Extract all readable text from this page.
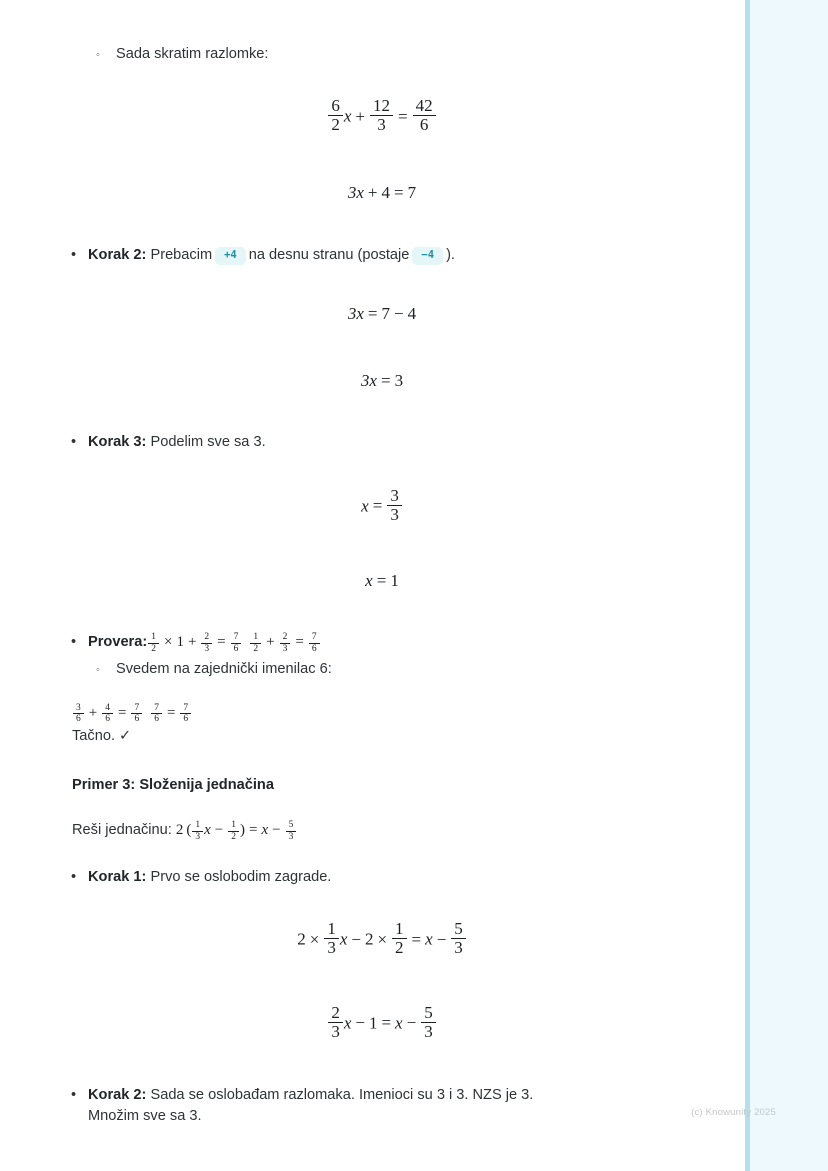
◦ Sada skratim razlomke:
$\frac{6}{2}$ $x + \frac{12}{3} = \frac{42}{6}$
3x + 4 = 7
• Korak 2: Prebacim +4 na desnu stranu (postaje −4 ).
3x = 7 − 4
3x = 3
• Korak 3: Podelim sve sa 3.
$x = \frac{3}{3}$
x = 1
• Provera: $\frac{1}{2} \times 1 + \frac{2}{3} = \frac{7}{6} \frac{1}{2} + \frac{2}{3} = \frac{7}{6}$
◦ Svedem na zajednički imenilac 6:
$\frac{3}{6} + \frac{4}{6} = \frac{7}{6} \frac{7}{6} = \frac{7}{6}$
Tačno. ✓
Primer 3: Složenija jednačina
Reši jednačinu: 2 ( $\frac{1}{3}$ $x - \frac{1}{2}$ ) = $x - \frac{5}{3}$
• Korak 1: Prvo se oslobodim zagrade.
$2 \times \frac{1}{3}$ $x - 2 \times \frac{1}{2} = x - \frac{5}{3}$
$\frac{2}{3}$ $x - 1 = x - \frac{5}{3}$
• Korak 2: Sada se oslobađam razlomaka. Imenioci su 3 i 3. NZS je 3.
Množim sve sa 3.	(c) Knowunity 2025
